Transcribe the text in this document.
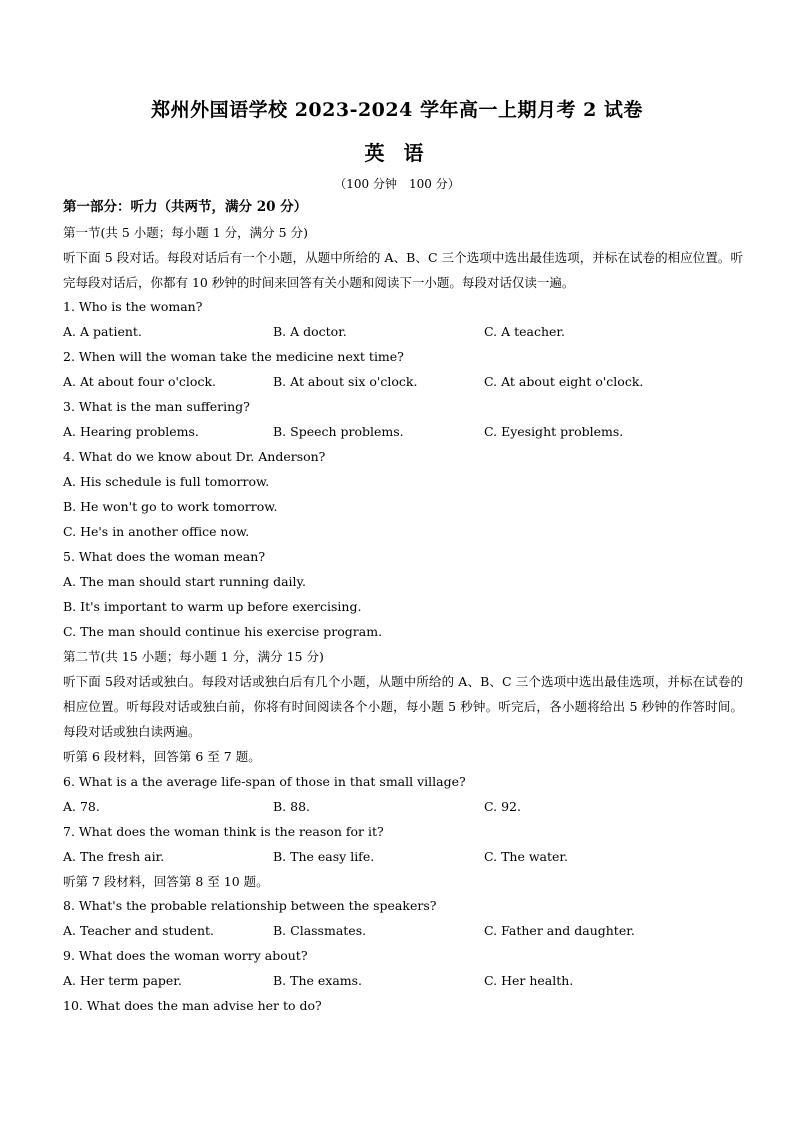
郑州外国语学校 2023-2024 学年高一上期月考 2 试卷
英 语
（100 分钟　100 分）
第一部分：听力（共两节，满分 20 分）
第一节(共 5 小题；每小题 1 分，满分 5 分)
听下面 5 段对话。每段对话后有一个小题，从题中所给的 A、B、C 三个选项中选出最佳选项，并标在试卷的相应位置。听完每段对话后，你都有 10 秒钟的时间来回答有关小题和阅读下一小题。每段对话仅读一遍。
1. Who is the woman?
A. A patient.	B. A doctor.	C. A teacher.
2. When will the woman take the medicine next time?
A. At about four o'clock.	B. At about six o'clock.	C. At about eight o'clock.
3. What is the man suffering?
A. Hearing problems.	B. Speech problems.	C. Eyesight problems.
4. What do we know about Dr. Anderson?
A. His schedule is full tomorrow.
B. He won't go to work tomorrow.
C. He's in another office now.
5. What does the woman mean?
A. The man should start running daily.
B. It's important to warm up before exercising.
C. The man should continue his exercise program.
第二节(共 15 小题；每小题 1 分，满分 15 分)
听下面 5段对话或独白。每段对话或独白后有几个小题，从题中所给的 A、B、C 三个选项中选出最佳选项，并标在试卷的相应位置。听每段对话或独白前，你将有时间阅读各个小题，每小题 5 秒钟。听完后，各小题将给出 5 秒钟的作答时间。每段对话或独白读两遍。
听第 6 段材料，回答第 6 至 7 题。
6. What is a the average life-span of those in that small village?
A. 78.	B. 88.	C. 92.
7. What does the woman think is the reason for it?
A. The fresh air.	B. The easy life.	C. The water.
听第 7 段材料，回答第 8 至 10 题。
8. What's the probable relationship between the speakers?
A. Teacher and student.	B. Classmates.	C. Father and daughter.
9. What does the woman worry about?
A. Her term paper.	B. The exams.	C. Her health.
10. What does the man advise her to do?
